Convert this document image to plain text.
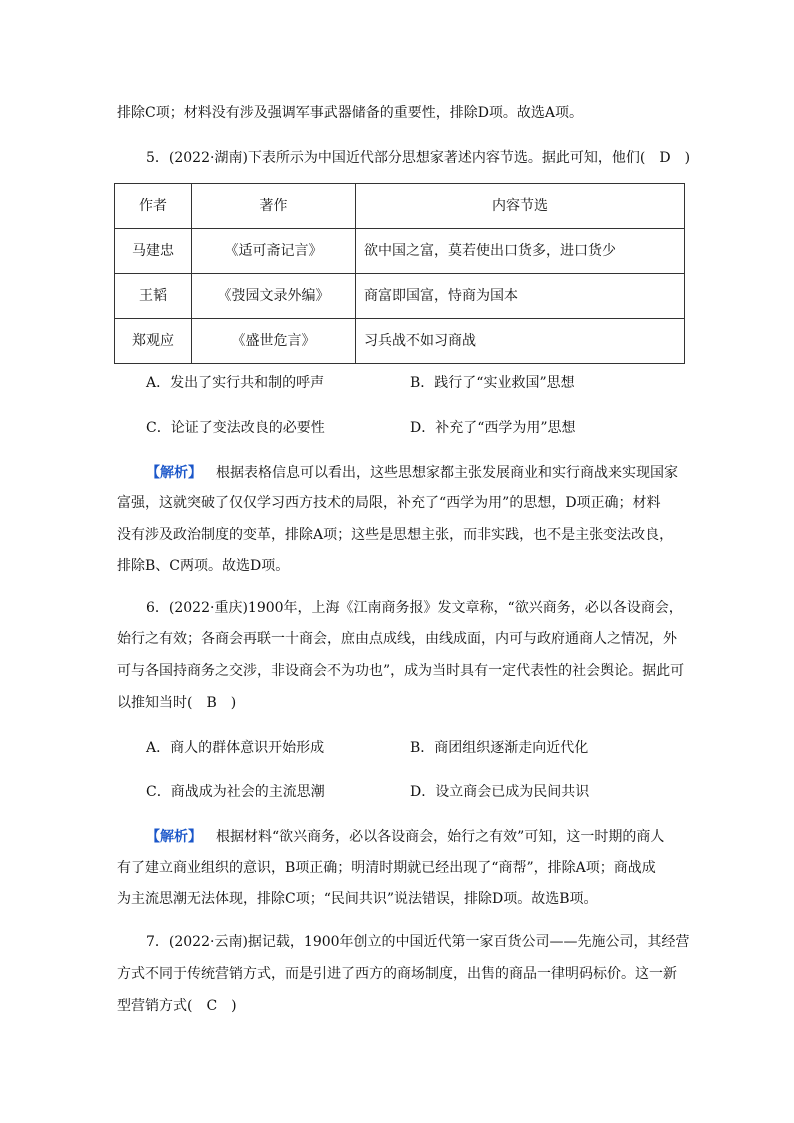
排除C项；材料没有涉及强调军事武器储备的重要性，排除D项。故选A项。
5．(2022·湖南)下表所示为中国近代部分思想家著述内容节选。据此可知，他们(　D　)
作者	著作	内容节选
马建忠	《适可斋记言》	欲中国之富，莫若使出口货多，进口货少
王韬	《弢园文录外编》	商富即国富，恃商为国本
郑观应	《盛世危言》	习兵战不如习商战
A．发出了实行共和制的呼声	B．践行了“实业救国”思想
C．论证了变法改良的必要性	D．补充了“西学为用”思想
【解析】  根据表格信息可以看出，这些思想家都主张发展商业和实行商战来实现国家
富强，这就突破了仅仅学习西方技术的局限，补充了“西学为用”的思想，D项正确；材料
没有涉及政治制度的变革，排除A项；这些是思想主张，而非实践，也不是主张变法改良，
排除B、C两项。故选D项。
6．(2022·重庆)1900年，上海《江南商务报》发文章称，“欲兴商务，必以各设商会，
始行之有效；各商会再联一十商会，庶由点成线，由线成面，内可与政府通商人之情况，外
可与各国持商务之交涉，非设商会不为功也”，成为当时具有一定代表性的社会舆论。据此可
以推知当时(　B　)
A．商人的群体意识开始形成	B．商团组织逐渐走向近代化
C．商战成为社会的主流思潮	D．设立商会已成为民间共识
【解析】  根据材料“欲兴商务，必以各设商会，始行之有效”可知，这一时期的商人
有了建立商业组织的意识，B项正确；明清时期就已经出现了“商帮”，排除A项；商战成
为主流思潮无法体现，排除C项；“民间共识”说法错误，排除D项。故选B项。
7．(2022·云南)据记载，1900年创立的中国近代第一家百货公司——先施公司，其经营
方式不同于传统营销方式，而是引进了西方的商场制度，出售的商品一律明码标价。这一新
型营销方式(　C　)
